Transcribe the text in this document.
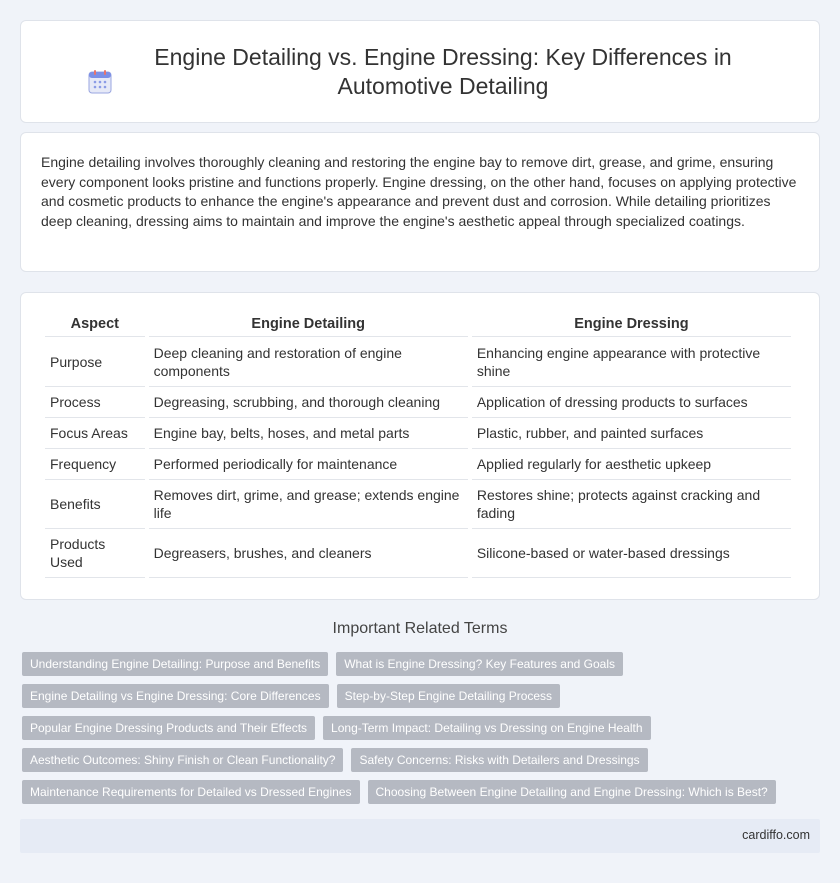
Engine Detailing vs. Engine Dressing: Key Differences in Automotive Detailing

Engine detailing involves thoroughly cleaning and restoring the engine bay to remove dirt, grease, and grime, ensuring every component looks pristine and functions properly. Engine dressing, on the other hand, focuses on applying protective and cosmetic products to enhance the engine's appearance and prevent dust and corrosion. While detailing prioritizes deep cleaning, dressing aims to maintain and improve the engine's aesthetic appeal through specialized coatings.

Aspect	Engine Detailing	Engine Dressing
Purpose	Deep cleaning and restoration of engine components	Enhancing engine appearance with protective shine
Process	Degreasing, scrubbing, and thorough cleaning	Application of dressing products to surfaces
Focus Areas	Engine bay, belts, hoses, and metal parts	Plastic, rubber, and painted surfaces
Frequency	Performed periodically for maintenance	Applied regularly for aesthetic upkeep
Benefits	Removes dirt, grime, and grease; extends engine life	Restores shine; protects against cracking and fading
Products Used	Degreasers, brushes, and cleaners	Silicone-based or water-based dressings
Important Related Terms
Understanding Engine Detailing: Purpose and Benefits	What is Engine Dressing? Key Features and Goals
Engine Detailing vs Engine Dressing: Core Differences	Step-by-Step Engine Detailing Process
Popular Engine Dressing Products and Their Effects	Long-Term Impact: Detailing vs Dressing on Engine Health
Aesthetic Outcomes: Shiny Finish or Clean Functionality?	Safety Concerns: Risks with Detailers and Dressings
Maintenance Requirements for Detailed vs Dressed Engines	Choosing Between Engine Detailing and Engine Dressing: Which is Best?
cardiffo.com
